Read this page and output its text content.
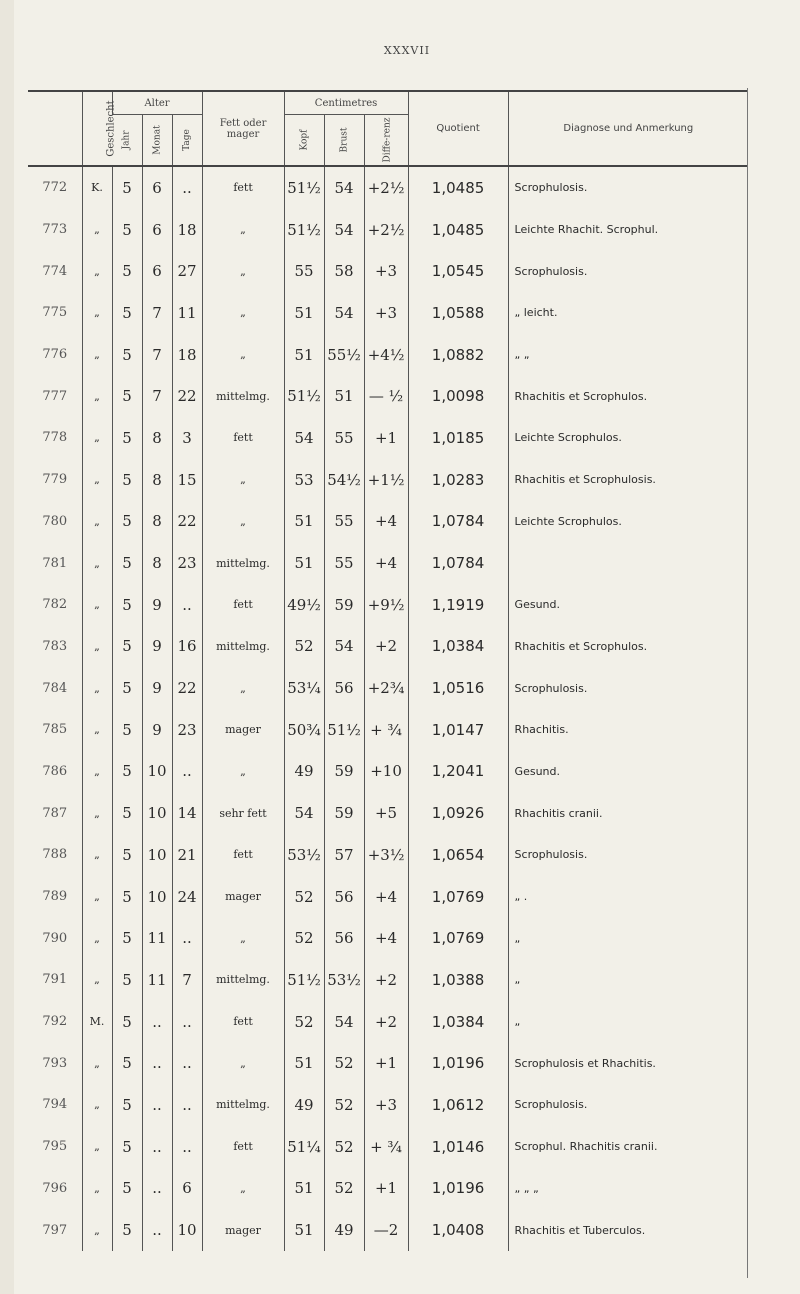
XXXVII
	Geschlecht	Alter			Fett oder mager	Centimetres			Quotient	Diagnose und Anmerkung
		Jahr	Monat	Tage		Kopf	Brust	Diffe-renz		
772	K.	5	6	..	fett	51½	54	+2½	1,0485	Scrophulosis.
773	„	5	6	18	„	51½	54	+2½	1,0485	Leichte Rhachit. Scrophul.
774	„	5	6	27	„	55	58	+3	1,0545	Scrophulosis.
775	„	5	7	11	„	51	54	+3	1,0588	„ leicht.
776	„	5	7	18	„	51	55½	+4½	1,0882	„ „
777	„	5	7	22	mittelmg.	51½	51	— ½	1,0098	Rhachitis et Scrophulos.
778	„	5	8	3	fett	54	55	+1	1,0185	Leichte Scrophulos.
779	„	5	8	15	„	53	54½	+1½	1,0283	Rhachitis et Scrophulosis.
780	„	5	8	22	„	51	55	+4	1,0784	Leichte Scrophulos.
781	„	5	8	23	mittelmg.	51	55	+4	1,0784	
782	„	5	9	..	fett	49½	59	+9½	1,1919	Gesund.
783	„	5	9	16	mittelmg.	52	54	+2	1,0384	Rhachitis et Scrophulos.
784	„	5	9	22	„	53¼	56	+2¾	1,0516	Scrophulosis.
785	„	5	9	23	mager	50¾	51½	+ ¾	1,0147	Rhachitis.
786	„	5	10	..	„	49	59	+10	1,2041	Gesund.
787	„	5	10	14	sehr fett	54	59	+5	1,0926	Rhachitis cranii.
788	„	5	10	21	fett	53½	57	+3½	1,0654	Scrophulosis.
789	„	5	10	24	mager	52	56	+4	1,0769	„ .
790	„	5	11	..	„	52	56	+4	1,0769	„
791	„	5	11	7	mittelmg.	51½	53½	+2	1,0388	„
792	M.	5	..	..	fett	52	54	+2	1,0384	„
793	„	5	..	..	„	51	52	+1	1,0196	Scrophulosis et Rhachitis.
794	„	5	..	..	mittelmg.	49	52	+3	1,0612	Scrophulosis.
795	„	5	..	..	fett	51¼	52	+ ¾	1,0146	Scrophul. Rhachitis cranii.
796	„	5	..	6	„	51	52	+1	1,0196	„ „ „
797	„	5	..	10	mager	51	49	—2	1,0408	Rhachitis et Tuberculos.
